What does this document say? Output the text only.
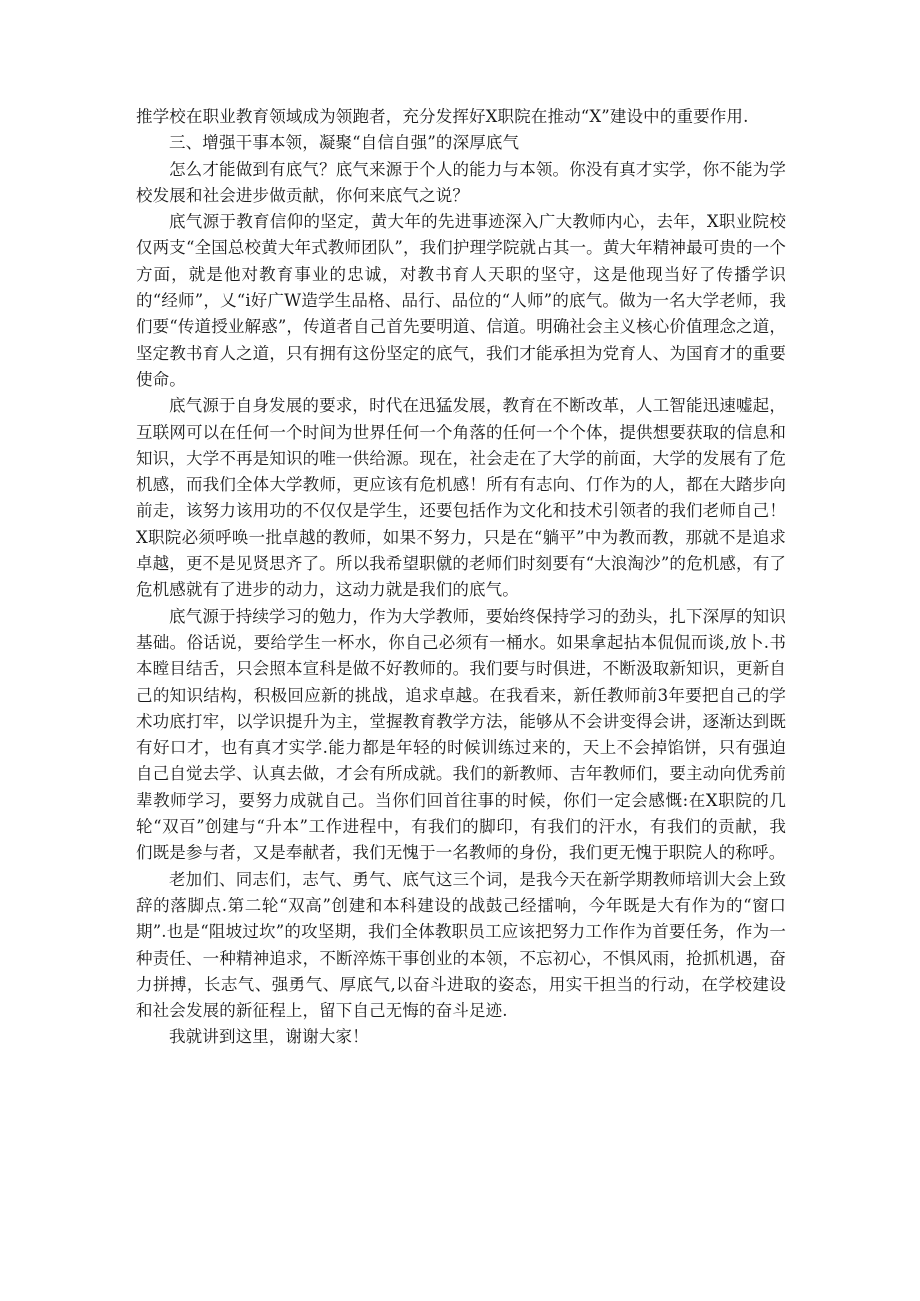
推学校在职业教育领域成为领跑者，充分发挥好X职院在推动“X”建设中的重要作用.

三、增强干事本领，凝聚“自信自强”的深厚底气

怎么才能做到有底气？底气来源于个人的能力与本领。你没有真才实学，你不能为学校发展和社会进步做贡献，你何来底气之说？

底气源于教育信仰的坚定，黄大年的先进事迹深入广大教师内心，去年，X职业院校仅两支“全国总校黄大年式教师团队”，我们护理学院就占其一。黄大年精神最可贵的一个方面，就是他对教育事业的忠诚，对教书育人天职的坚守，这是他现当好了传播学识的“经师”，乂“i好广W造学生品格、品行、品位的“人师”的底气。做为一名大学老师，我们要“传道授业解惑”，传道者自己首先要明道、信道。明确社会主义核心价值理念之道，坚定教书育人之道，只有拥有这份坚定的底气，我们才能承担为党育人、为国育才的重要使命。

底气源于自身发展的要求，时代在迅猛发展，教育在不断改革，人工智能迅速嘘起，互联网可以在任何一个时间为世界任何一个角落的任何一个个体，提供想要获取的信息和知识，大学不再是知识的唯一供给源。现在，社会走在了大学的前面，大学的发展有了危机感，而我们全体大学教师，更应该有危机感！所有有志向、仃作为的人，都在大踏步向前走，该努力该用功的不仅仅是学生，还要包括作为文化和技术引领者的我们老师自己！X职院必须呼唤一批卓越的教师，如果不努力，只是在“躺平”中为教而教，那就不是追求卓越，更不是见贤思齐了。所以我希望职僦的老师们时刻要有“大浪淘沙”的危机感，有了危机感就有了进步的动力，这动力就是我们的底气。

底气源于持续学习的勉力，作为大学教师，要始终保持学习的劲头，扎下深厚的知识基础。俗话说，要给学生一杯水，你自己必须有一桶水。如果拿起拈本侃侃而谈,放卜.书本瞠目结舌，只会照本宣科是做不好教师的。我们要与时俱进，不断汲取新知识，更新自己的知识结构，积极回应新的挑战，追求卓越。在我看来，新任教师前3年要把自己的学术功底打牢，以学识提升为主，堂握教育教学方法，能够从不会讲变得会讲，逐渐达到既有好口才，也有真才实学.能力都是年轻的时候训练过来的，天上不会掉馅饼，只有强迫自己自觉去学、认真去做，才会有所成就。我们的新教师、吉年教师们，要主动向优秀前辈教师学习，要努力成就自己。当你们回首往事的时候，你们一定会感慨:在X职院的几轮“双百”创建与“升本”工作进程中，有我们的脚印，有我们的汗水，有我们的贡献，我们既是参与者，又是奉献者，我们无愧于一名教师的身份，我们更无愧于职院人的称呼。

老加们、同志们，志气、勇气、底气这三个词，是我今天在新学期教师培训大会上致辞的落脚点.第二轮“双高”创建和本科建设的战鼓己经擂响，今年既是大有作为的“窗口期”.也是“阻坡过坎”的攻坚期，我们全体教职员工应该把努力工作作为首要任务，作为一种责任、一种精神追求，不断淬炼干事创业的本领，不忘初心，不惧风雨，抢抓机遇，奋力拼搏，长志气、强勇气、厚底气,以奋斗进取的姿态，用实干担当的行动，在学校建设和社会发展的新征程上，留下自己无悔的奋斗足迹.

我就讲到这里，谢谢大家！
